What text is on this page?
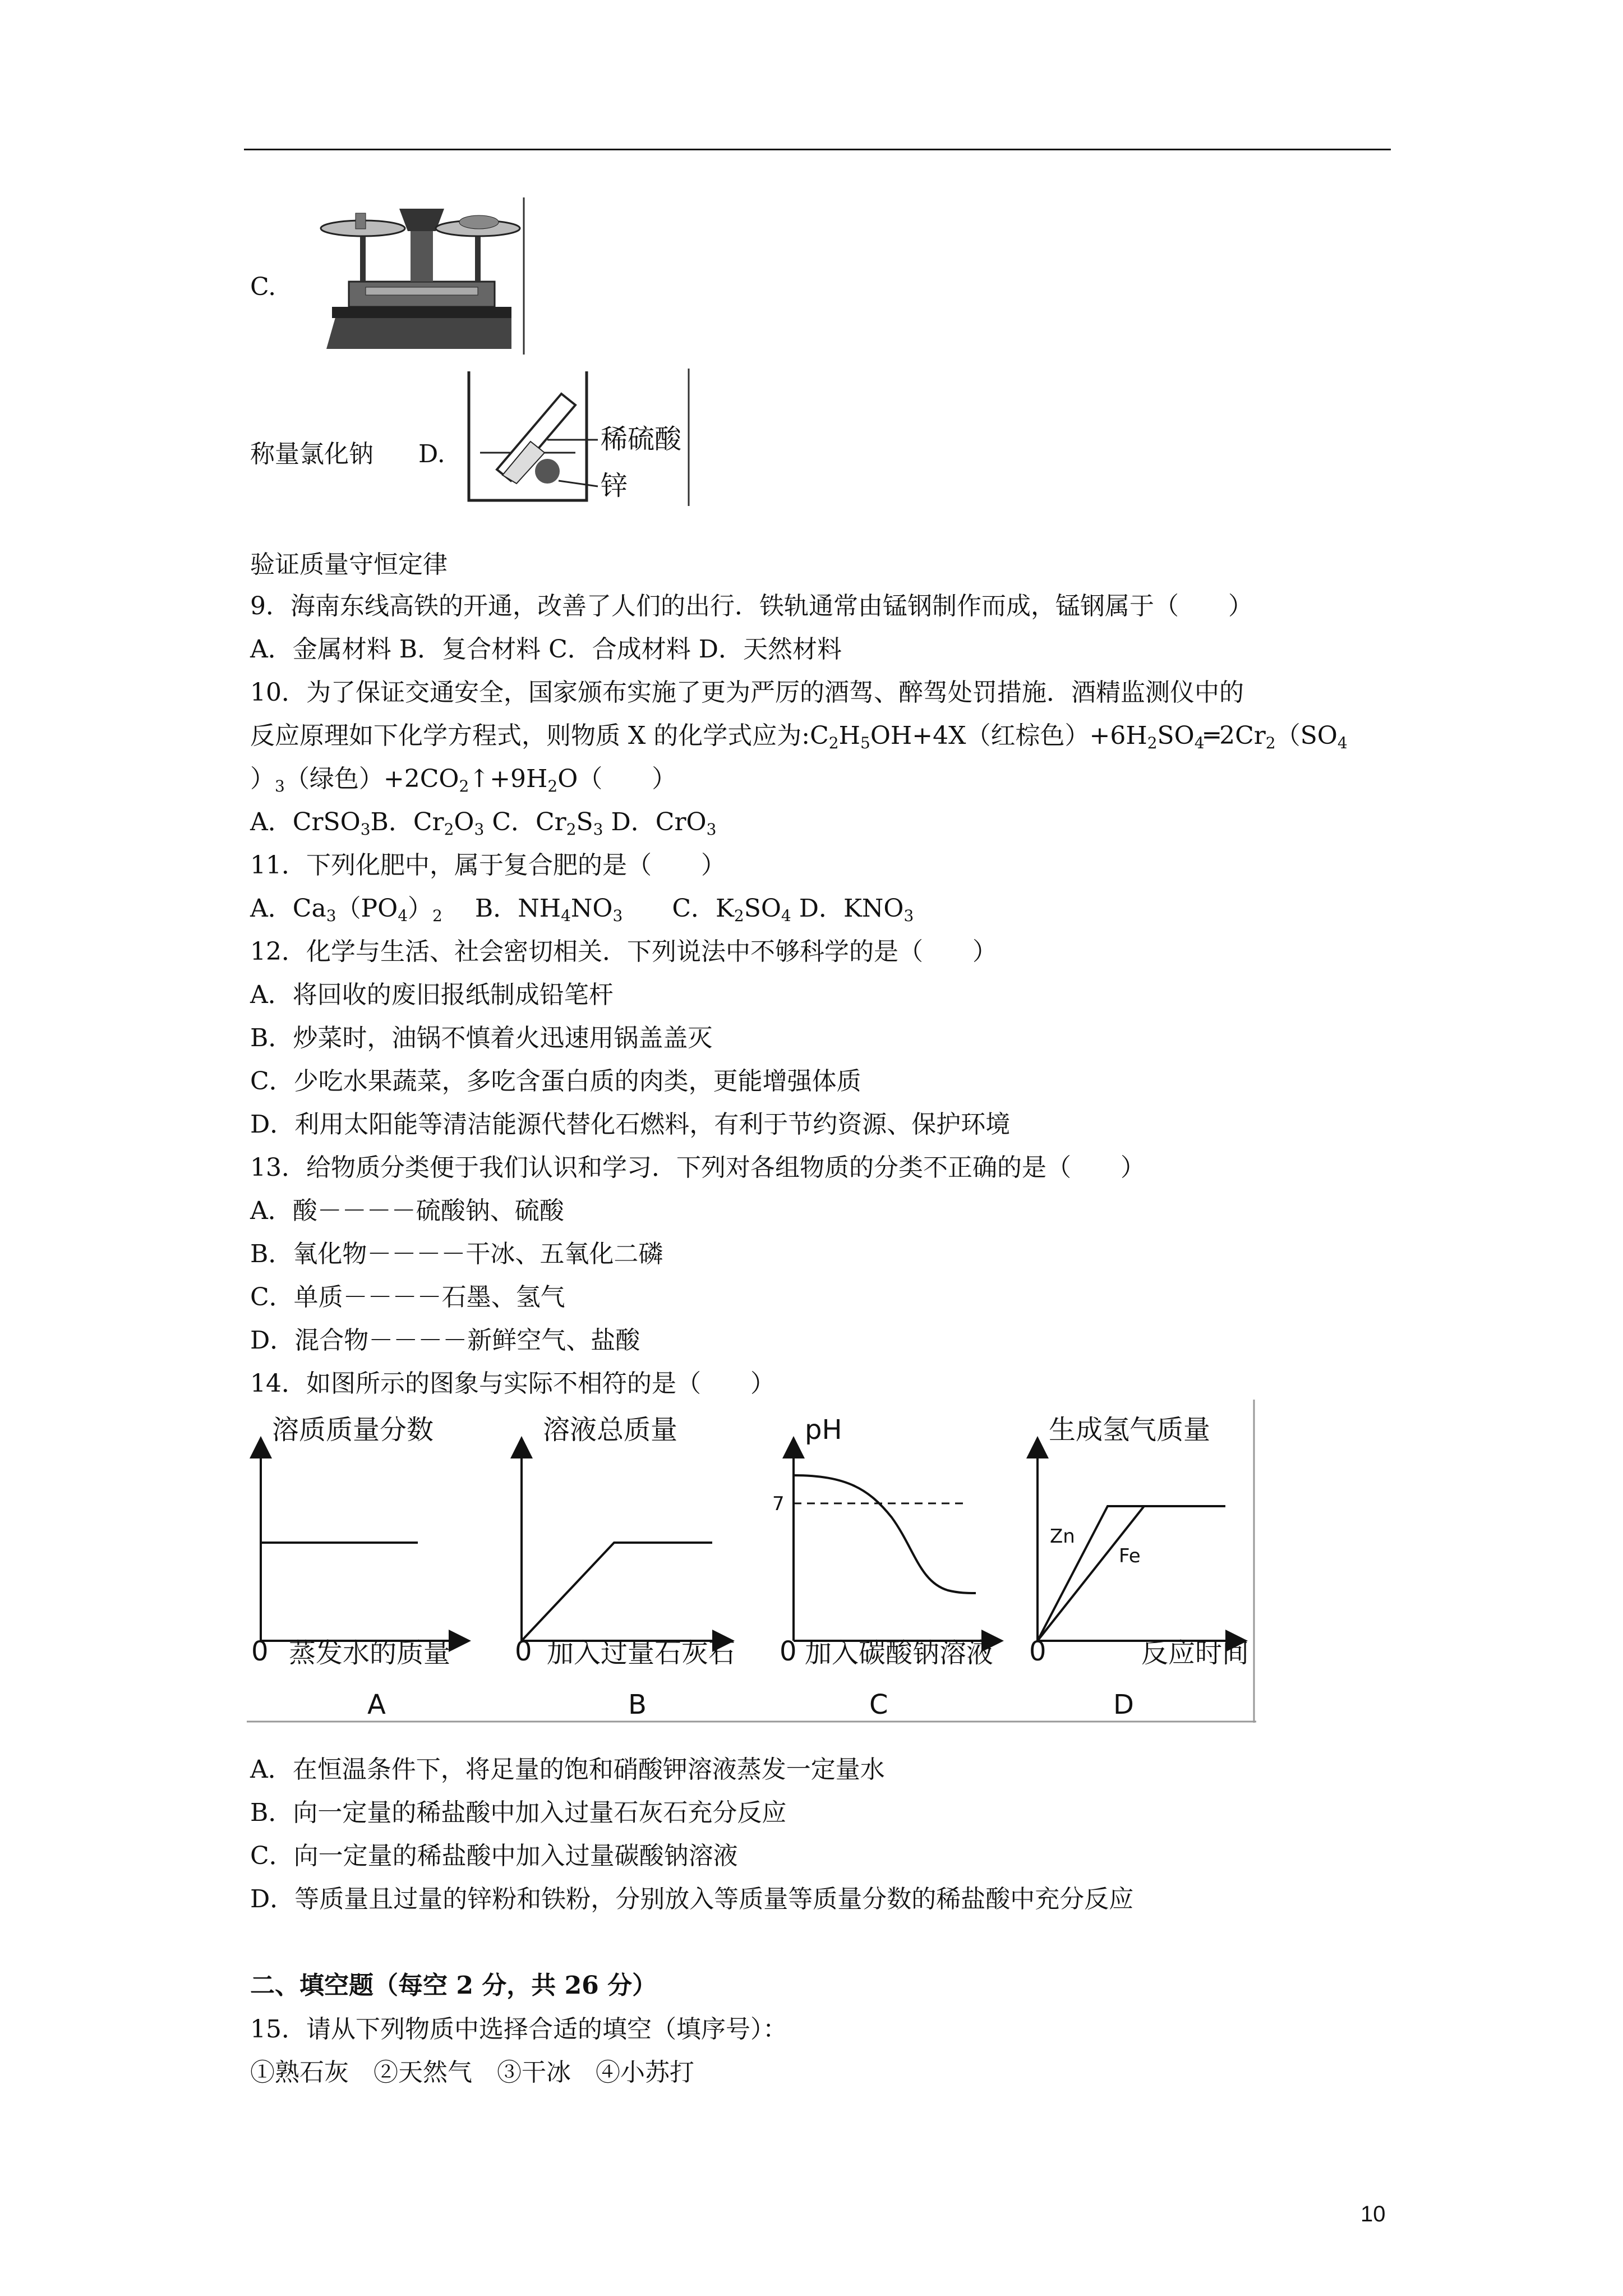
C.
称量氯化钠 D.	稀硫酸
锌
验证质量守恒定律
9．海南东线高铁的开通，改善了人们的出行．铁轨通常由锰钢制作而成，锰钢属于（　　）
A．金属材料 B．复合材料 C．合成材料 D．天然材料
10．为了保证交通安全，国家颁布实施了更为严厉的酒驾、醉驾处罚措施．酒精监测仪中的
反应原理如下化学方程式，则物质 X 的化学式应为$:C_2H_5OH+4X$（红棕色）$+6H_2SO_4═2Cr_2(SO_4$
）$_3$（绿色）$+2CO_2↑+9H_2O$（　　）
A．CrSO$_3$B．$Cr_2O_3$ C．$Cr_2S_3$ D．CrO$_3$
11．下列化肥中，属于复合肥的是（　　）
A．$Ca_3(PO_4)_2$　 B．$NH_4NO_3$　　 C．$K_2SO_4$ D．$KNO_3$
12．化学与生活、社会密切相关．下列说法中不够科学的是（　　）
A．将回收的废旧报纸制成铅笔杆
B．炒菜时，油锅不慎着火迅速用锅盖盖灭
C．少吃水果蔬菜，多吃含蛋白质的肉类，更能增强体质
D．利用太阳能等清洁能源代替化石燃料，有利于节约资源、保护环境
13．给物质分类便于我们认识和学习．下列对各组物质的分类不正确的是（　　）
A．酸－－－－硫酸钠、硫酸
B．氧化物－－－－干冰、五氧化二磷
C．单质－－－－石墨、氢气
D．混合物－－－－新鲜空气、盐酸
14．如图所示的图象与实际不相符的是（　　）
溶质质量分数
0 蒸发水的质量
A
溶液总质量
0 加入过量石灰石
B
pH
7
0 加入碳酸钠溶液
C
生成氢气质量
Zn
Fe
0	反应时间
D
A．在恒温条件下，将足量的饱和硝酸钾溶液蒸发一定量水
B．向一定量的稀盐酸中加入过量石灰石充分反应
C．向一定量的稀盐酸中加入过量碳酸钠溶液
D．等质量且过量的锌粉和铁粉，分别放入等质量等质量分数的稀盐酸中充分反应
二、填空题（每空 2 分，共 26 分）
15．请从下列物质中选择合适的填空（填序号）：
①熟石灰　②天然气　③干冰　④小苏打
10
